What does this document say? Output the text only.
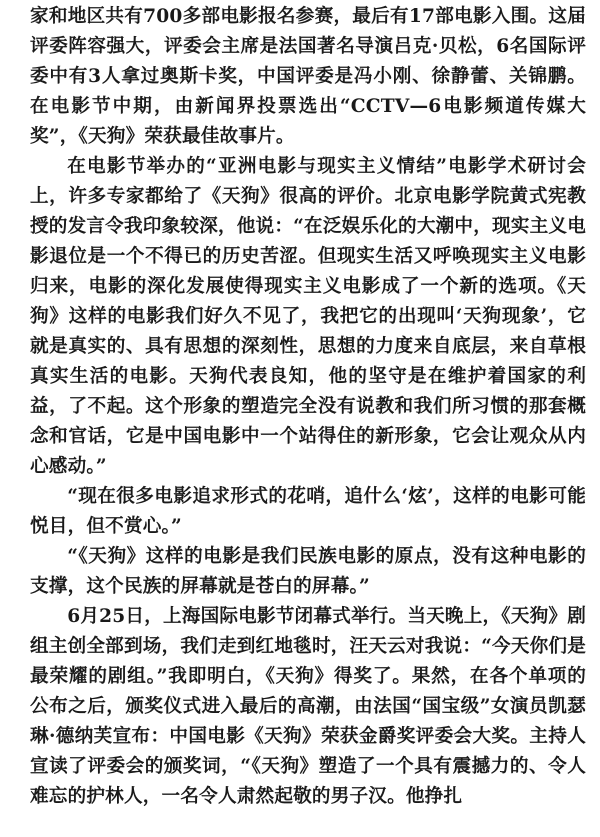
家和地区共有700多部电影报名参赛，最后有17部电影入围。这届评委阵容强大，评委会主席是法国著名导演吕克·贝松，6名国际评委中有3人拿过奥斯卡奖，中国评委是冯小刚、徐静蕾、关锦鹏。在电影节中期，由新闻界投票选出“CCTV—6电影频道传媒大奖”，《天狗》荣获最佳故事片。

在电影节举办的“亚洲电影与现实主义情结”电影学术研讨会上，许多专家都给了《天狗》很高的评价。北京电影学院黄式宪教授的发言令我印象较深，他说：“在泛娱乐化的大潮中，现实主义电影退位是一个不得已的历史苦涩。但现实生活又呼唤现实主义电影归来，电影的深化发展使得现实主义电影成了一个新的选项。《天狗》这样的电影我们好久不见了，我把它的出现叫‘天狗现象’，它就是真实的、具有思想的深刻性，思想的力度来自底层，来自草根真实生活的电影。天狗代表良知，他的坚守是在维护着国家的利益，了不起。这个形象的塑造完全没有说教和我们所习惯的那套概念和官话，它是中国电影中一个站得住的新形象，它会让观众从内心感动。”

“现在很多电影追求形式的花哨，追什么‘炫’，这样的电影可能悦目，但不赏心。”

“《天狗》这样的电影是我们民族电影的原点，没有这种电影的支撑，这个民族的屏幕就是苍白的屏幕。”

6月25日，上海国际电影节闭幕式举行。当天晚上，《天狗》剧组主创全部到场，我们走到红地毯时，汪天云对我说：“今天你们是最荣耀的剧组。”我即明白，《天狗》得奖了。果然，在各个单项的公布之后，颁奖仪式进入最后的高潮，由法国“国宝级”女演员凯瑟琳·德纳芙宣布：中国电影《天狗》荣获金爵奖评委会大奖。主持人宣读了评委会的颁奖词，“《天狗》塑造了一个具有震撼力的、令人难忘的护林人，一名令人肃然起敬的男子汉。他挣扎
